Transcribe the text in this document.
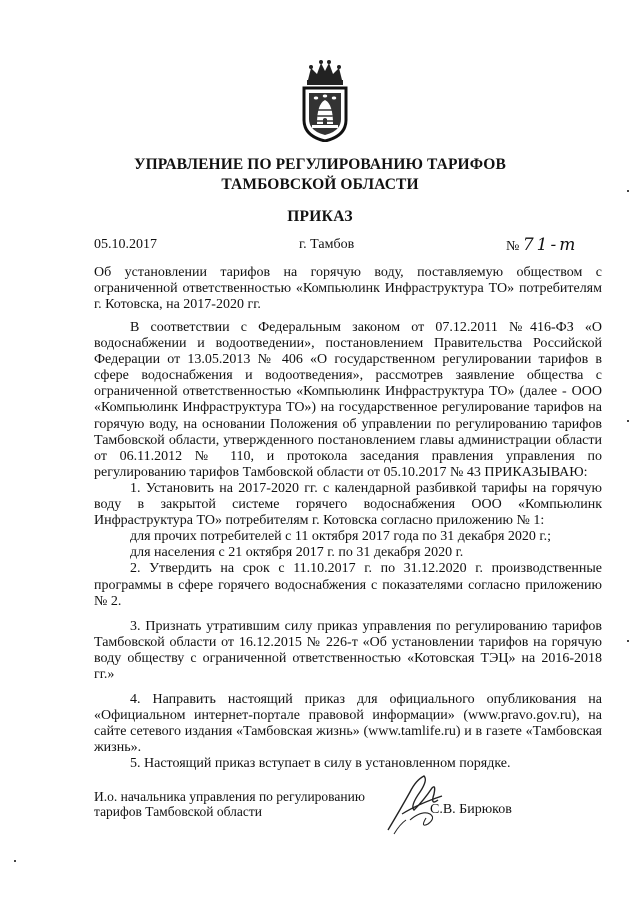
УПРАВЛЕНИЕ ПО РЕГУЛИРОВАНИЮ ТАРИФОВ
ТАМБОВСКОЙ ОБЛАСТИ
ПРИКАЗ
05.10.2017	г. Тамбов	№ 71-т
Об установлении тарифов на горячую воду, поставляемую обществом с ограниченной ответственностью «Компьюлинк Инфраструктура ТО» потребителям г. Котовска, на 2017-2020 гг.

В соответствии с Федеральным законом от 07.12.2011 №416-ФЗ «О водоснабжении и водоотведении», постановлением Правительства Российской Федерации от 13.05.2013 № 406 «О государственном регулировании тарифов в сфере водоснабжения и водоотведения», рассмотрев заявление общества с ограниченной ответственностью «Компьюлинк Инфраструктура ТО» (далее - ООО «Компьюлинк Инфраструктура ТО») на государственное регулирование тарифов на горячую воду, на основании Положения об управлении по регулированию тарифов Тамбовской области, утвержденного постановлением главы администрации области от 06.11.2012 № 110, и протокола заседания правления управления по регулированию тарифов Тамбовской области от 05.10.2017 № 43 ПРИКАЗЫВАЮ:

1. Установить на 2017-2020 гг. с календарной разбивкой тарифы на горячую воду в закрытой системе горячего водоснабжения ООО «Компьюлинк Инфраструктура ТО» потребителям г. Котовска согласно приложению № 1:

для прочих потребителей с 11 октября 2017 года по 31 декабря 2020 г.;

для населения с 21 октября 2017 г. по 31 декабря 2020 г.

2. Утвердить на срок с 11.10.2017 г. по 31.12.2020 г. производственные программы в сфере горячего водоснабжения с показателями согласно приложению № 2.

3. Признать утратившим силу приказ управления по регулированию тарифов Тамбовской области от 16.12.2015 № 226-т «Об установлении тарифов на горячую воду обществу с ограниченной ответственностью «Котовская ТЭЦ» на 2016-2018 гг.»

4. Направить настоящий приказ для официального опубликования на «Официальном интернет-портале правовой информации» (www.pravo.gov.ru), на сайте сетевого издания «Тамбовская жизнь» (www.tamlife.ru) и в газете «Тамбовская жизнь».

5. Настоящий приказ вступает в силу в установленном порядке.

И.о. начальника управления по регулированию
тарифов Тамбовской области	С.В. Бирюков
